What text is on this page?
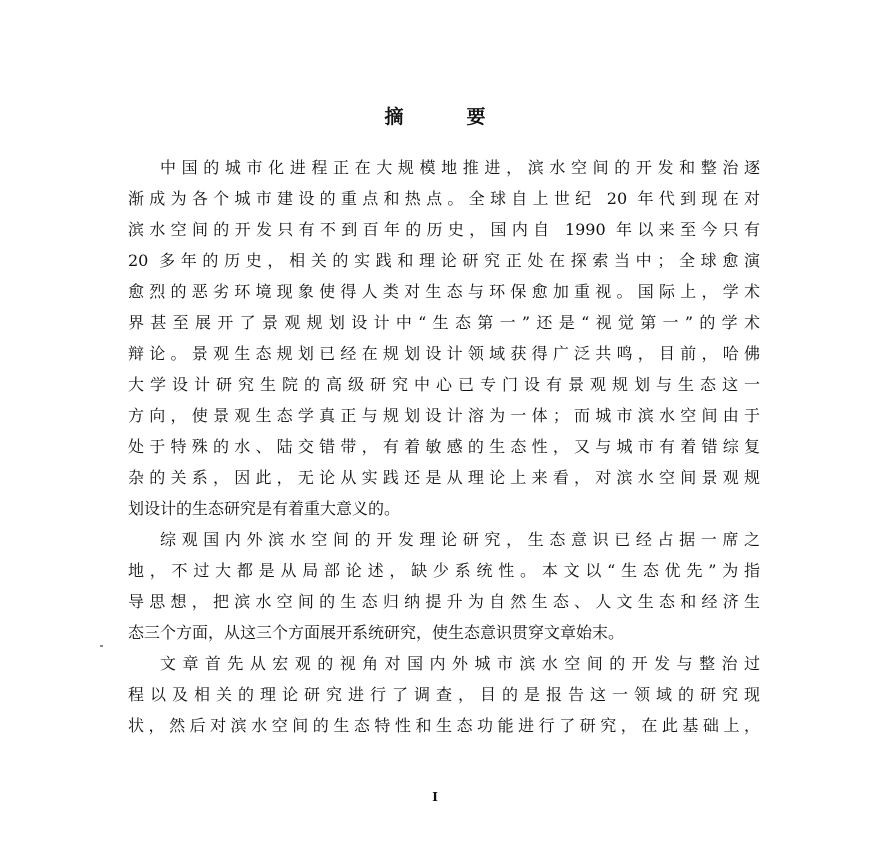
摘　要
中国的城市化进程正在大规模地推进，滨水空间的开发和整治逐
渐成为各个城市建设的重点和热点。全球自上世纪 20 年代到现在对
滨水空间的开发只有不到百年的历史，国内自 1990 年以来至今只有
20 多年的历史，相关的实践和理论研究正处在探索当中；全球愈演
愈烈的恶劣环境现象使得人类对生态与环保愈加重视。国际上，学术
界甚至展开了景观规划设计中“生态第一”还是“视觉第一”的学术
辩论。景观生态规划已经在规划设计领域获得广泛共鸣，目前，哈佛
大学设计研究生院的高级研究中心已专门设有景观规划与生态这一
方向，使景观生态学真正与规划设计溶为一体；而城市滨水空间由于
处于特殊的水、陆交错带，有着敏感的生态性，又与城市有着错综复
杂的关系，因此，无论从实践还是从理论上来看，对滨水空间景观规
划设计的生态研究是有着重大意义的。
综观国内外滨水空间的开发理论研究，生态意识已经占据一席之
地，不过大都是从局部论述，缺少系统性。本文以“生态优先”为指
导思想，把滨水空间的生态归纳提升为自然生态、人文生态和经济生
态三个方面，从这三个方面展开系统研究，使生态意识贯穿文章始末。
文章首先从宏观的视角对国内外城市滨水空间的开发与整治过
程以及相关的理论研究进行了调查，目的是报告这一领域的研究现
状，然后对滨水空间的生态特性和生态功能进行了研究，在此基础上，
I
